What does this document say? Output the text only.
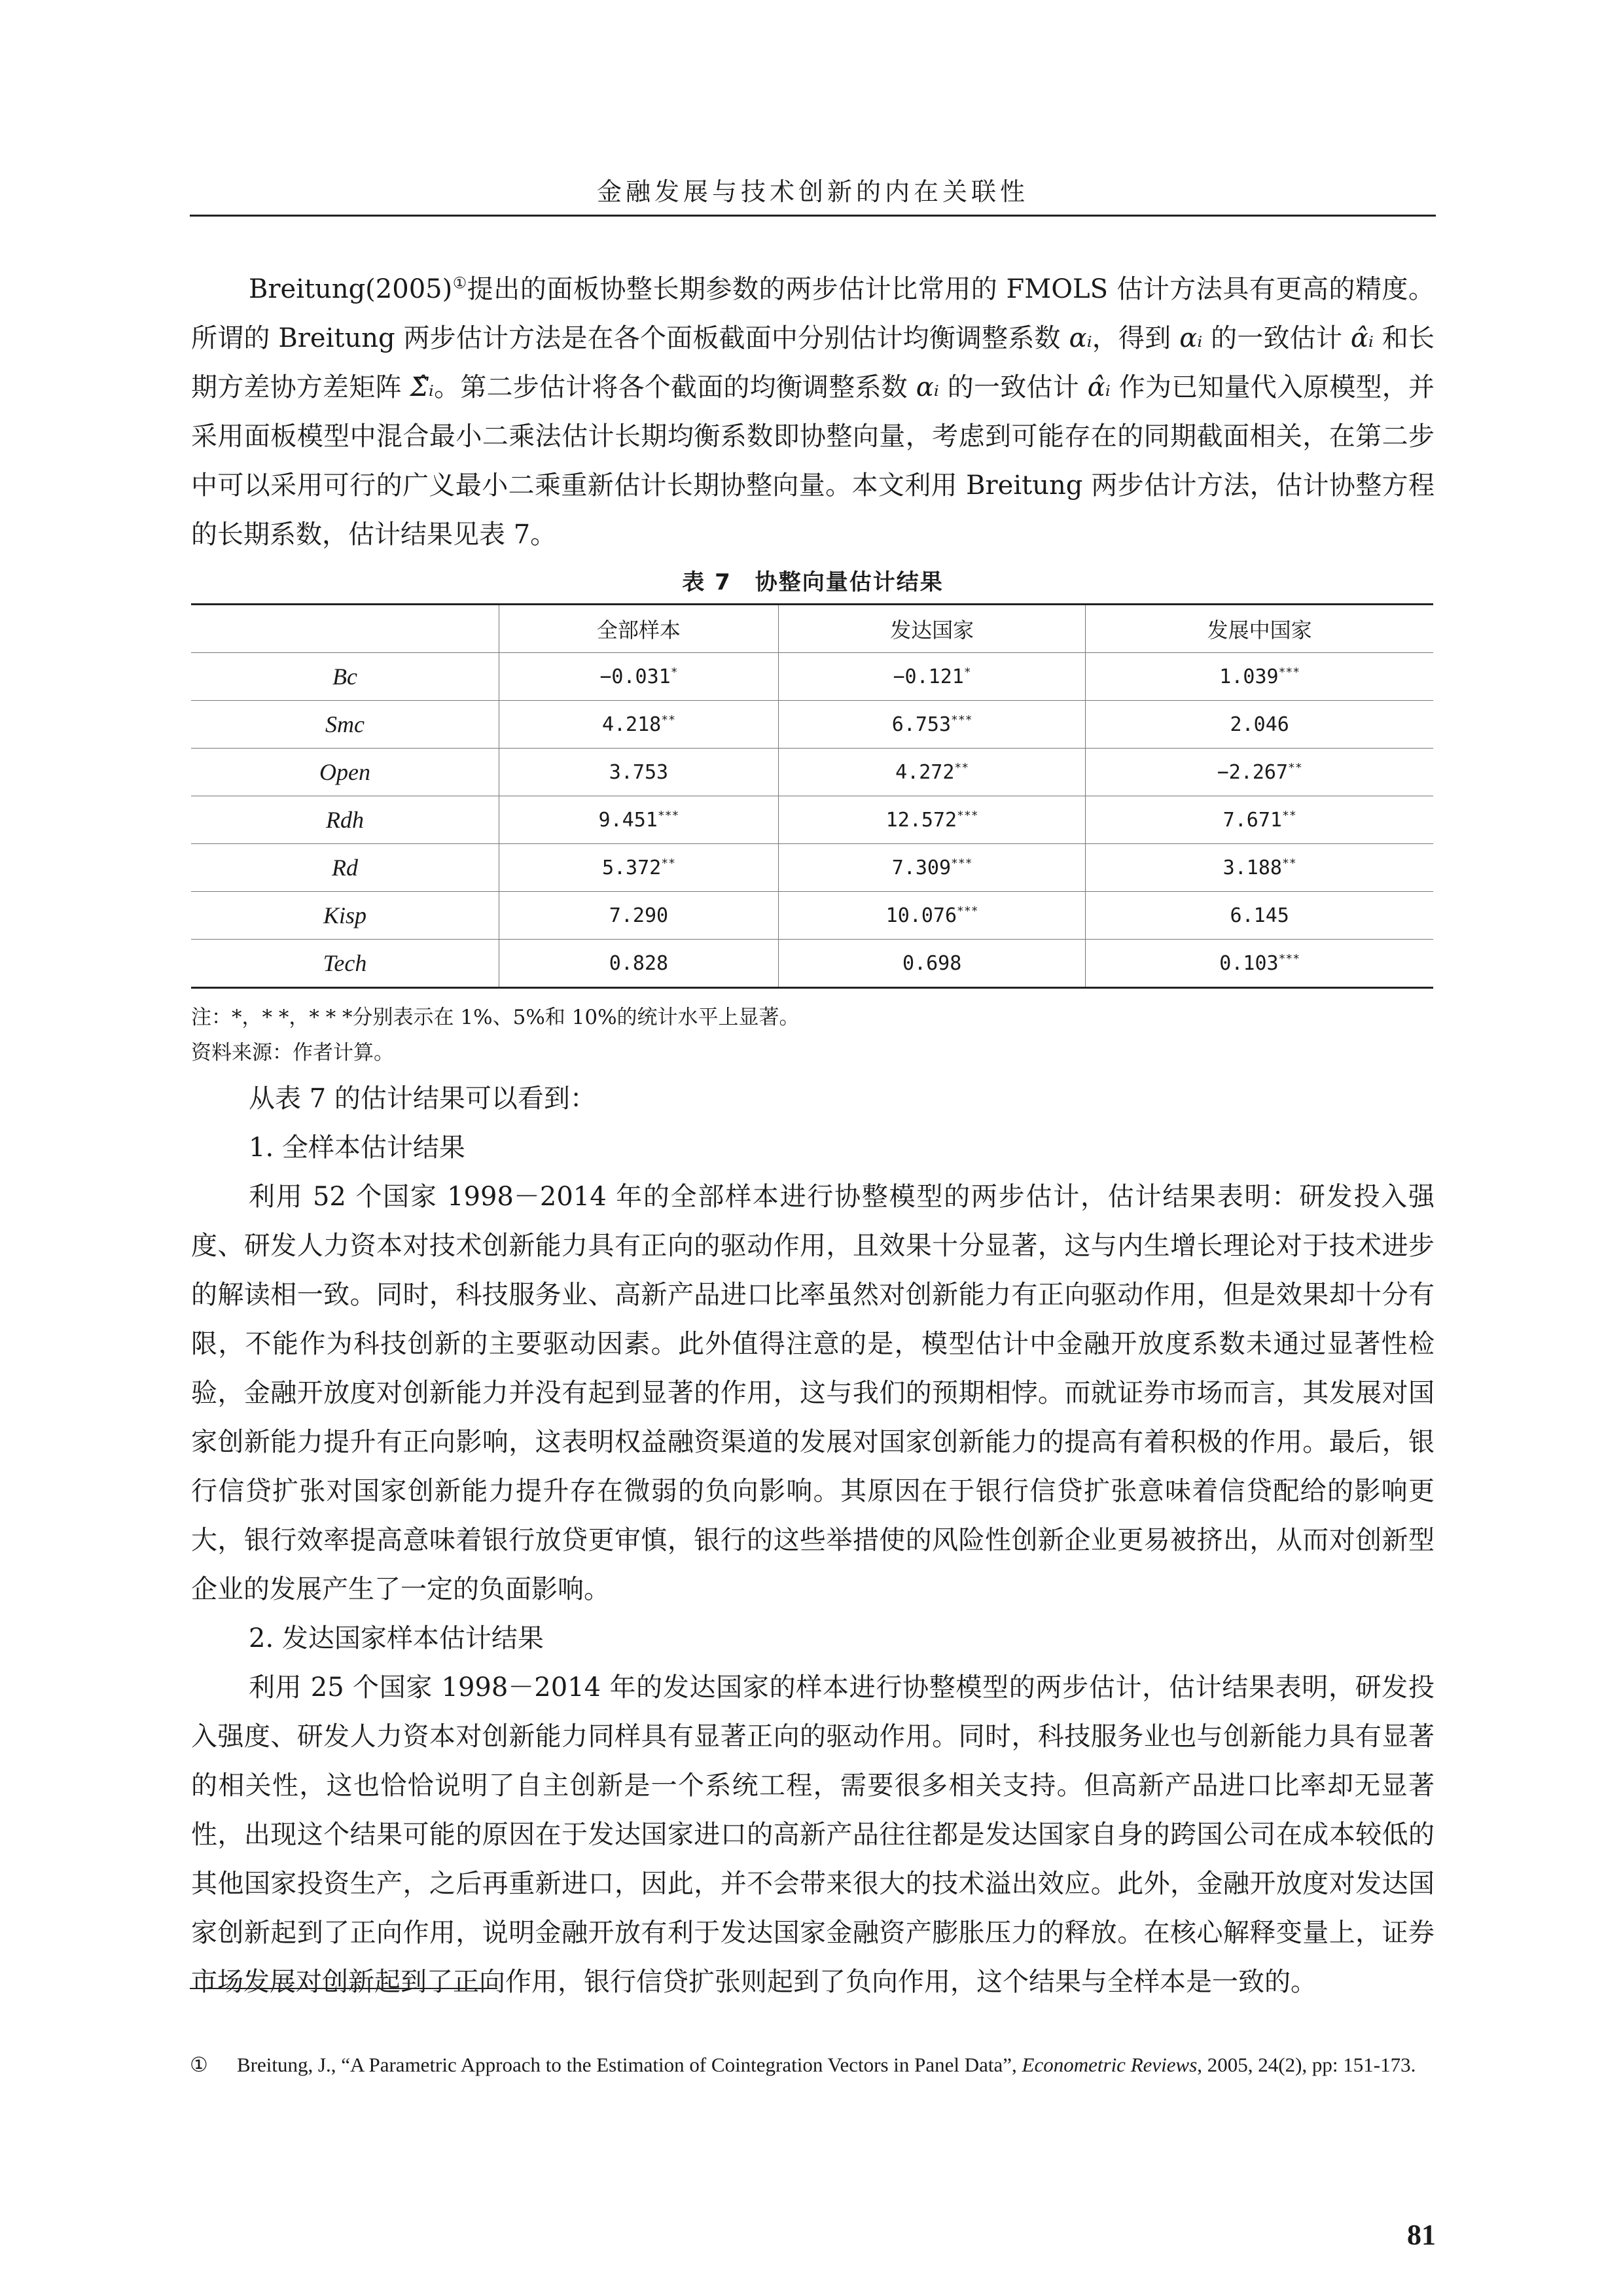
金融发展与技术创新的内在关联性

Breitung(2005)①提出的面板协整长期参数的两步估计比常用的 FMOLS 估计方法具有更高的精度。所谓的 Breitung 两步估计方法是在各个面板截面中分别估计均衡调整系数 αᵢ，得到 αᵢ 的一致估计 α̂ᵢ 和长期方差协方差矩阵 Σ̂ᵢ。第二步估计将各个截面的均衡调整系数 αᵢ 的一致估计 α̂ᵢ 作为已知量代入原模型，并采用面板模型中混合最小二乘法估计长期均衡系数即协整向量，考虑到可能存在的同期截面相关，在第二步中可以采用可行的广义最小二乘重新估计长期协整向量。本文利用 Breitung 两步估计方法，估计协整方程的长期系数，估计结果见表 7。

表 7　协整向量估计结果
	全部样本	发达国家	发展中国家
Bc	−0.031*	−0.121*	1.039***
Smc	4.218**	6.753***	2.046
Open	3.753	4.272**	−2.267**
Rdh	9.451***	12.572***	7.671**
Rd	5.372**	7.309***	3.188**
Kisp	7.290	10.076***	6.145
Tech	0.828	0.698	0.103***
注：*，* *，* * *分别表示在 1%、5%和 10%的统计水平上显著。
资料来源：作者计算。
从表 7 的估计结果可以看到：
1. 全样本估计结果

利用 52 个国家 1998－2014 年的全部样本进行协整模型的两步估计，估计结果表明：研发投入强度、研发人力资本对技术创新能力具有正向的驱动作用，且效果十分显著，这与内生增长理论对于技术进步的解读相一致。同时，科技服务业、高新产品进口比率虽然对创新能力有正向驱动作用，但是效果却十分有限，不能作为科技创新的主要驱动因素。此外值得注意的是，模型估计中金融开放度系数未通过显著性检验，金融开放度对创新能力并没有起到显著的作用，这与我们的预期相悖。而就证券市场而言，其发展对国家创新能力提升有正向影响，这表明权益融资渠道的发展对国家创新能力的提高有着积极的作用。最后，银行信贷扩张对国家创新能力提升存在微弱的负向影响。其原因在于银行信贷扩张意味着信贷配给的影响更大，银行效率提高意味着银行放贷更审慎，银行的这些举措使的风险性创新企业更易被挤出，从而对创新型企业的发展产生了一定的负面影响。

2. 发达国家样本估计结果

利用 25 个国家 1998－2014 年的发达国家的样本进行协整模型的两步估计，估计结果表明，研发投入强度、研发人力资本对创新能力同样具有显著正向的驱动作用。同时，科技服务业也与创新能力具有显著的相关性，这也恰恰说明了自主创新是一个系统工程，需要很多相关支持。但高新产品进口比率却无显著性，出现这个结果可能的原因在于发达国家进口的高新产品往往都是发达国家自身的跨国公司在成本较低的其他国家投资生产，之后再重新进口，因此，并不会带来很大的技术溢出效应。此外，金融开放度对发达国家创新起到了正向作用，说明金融开放有利于发达国家金融资产膨胀压力的释放。在核心解释变量上，证券市场发展对创新起到了正向作用，银行信贷扩张则起到了负向作用，这个结果与全样本是一致的。

① Breitung, J., “A Parametric Approach to the Estimation of Cointegration Vectors in Panel Data”, Econometric Reviews, 2005, 24(2), pp: 151-173.
81
